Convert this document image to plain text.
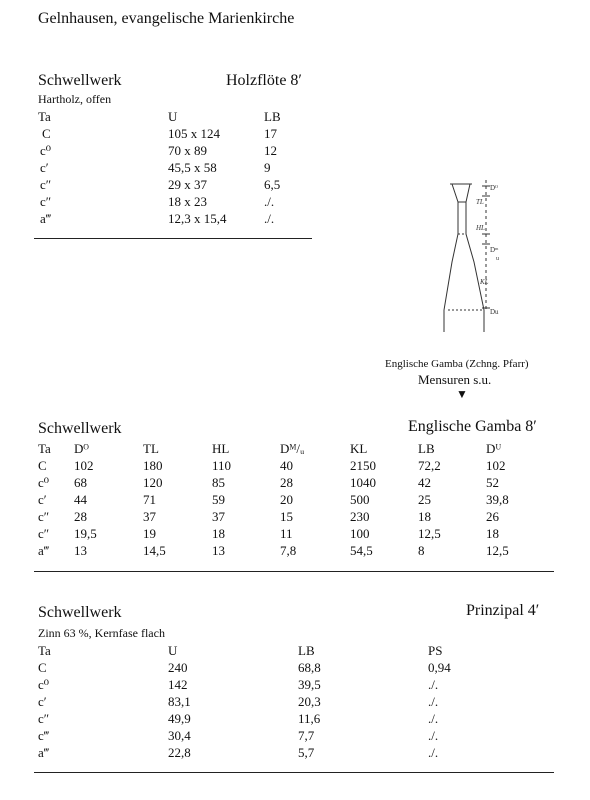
Gelnhausen, evangelische Marienkirche
Schwellwerk	Holzflöte 8′
Hartholz, offen
Ta	U	LB
C	105 x 124	17
c⁰	70 x 89	12
c′	45,5 x 58	9
c″	29 x 37	6,5
c″	18 x 23	./.
a‴	12,3 x 15,4	./.
Dᴼ
TL
HL
Dᵐ
u
KL
Du
Englische Gamba (Zchng. Pfarr)
Mensuren s.u.
▼
Schwellwerk	Englische Gamba 8′
Ta Dᴼ	TL	HL	Dᴹ/ᵤ	KL	LB	Dᵁ
C 102	180	110	40	2150	72,2	102
c⁰ 68	120	85	28	1040	42	52
c′ 44	71	59	20	500	25	39,8
c″ 28	37	37	15	230	18	26
c″ 19,5	19	18	11	100	12,5	18
a‴ 13	14,5	13	7,8	54,5	8	12,5
Schwellwerk	Prinzipal 4′
Zinn 63 %, Kernfase flach
Ta	U	LB	PS
C	240	68,8	0,94
c⁰	142	39,5	./.
c′	83,1	20,3	./.
c″	49,9	11,6	./.
c‴	30,4	7,7	./.
a‴	22,8	5,7	./.
